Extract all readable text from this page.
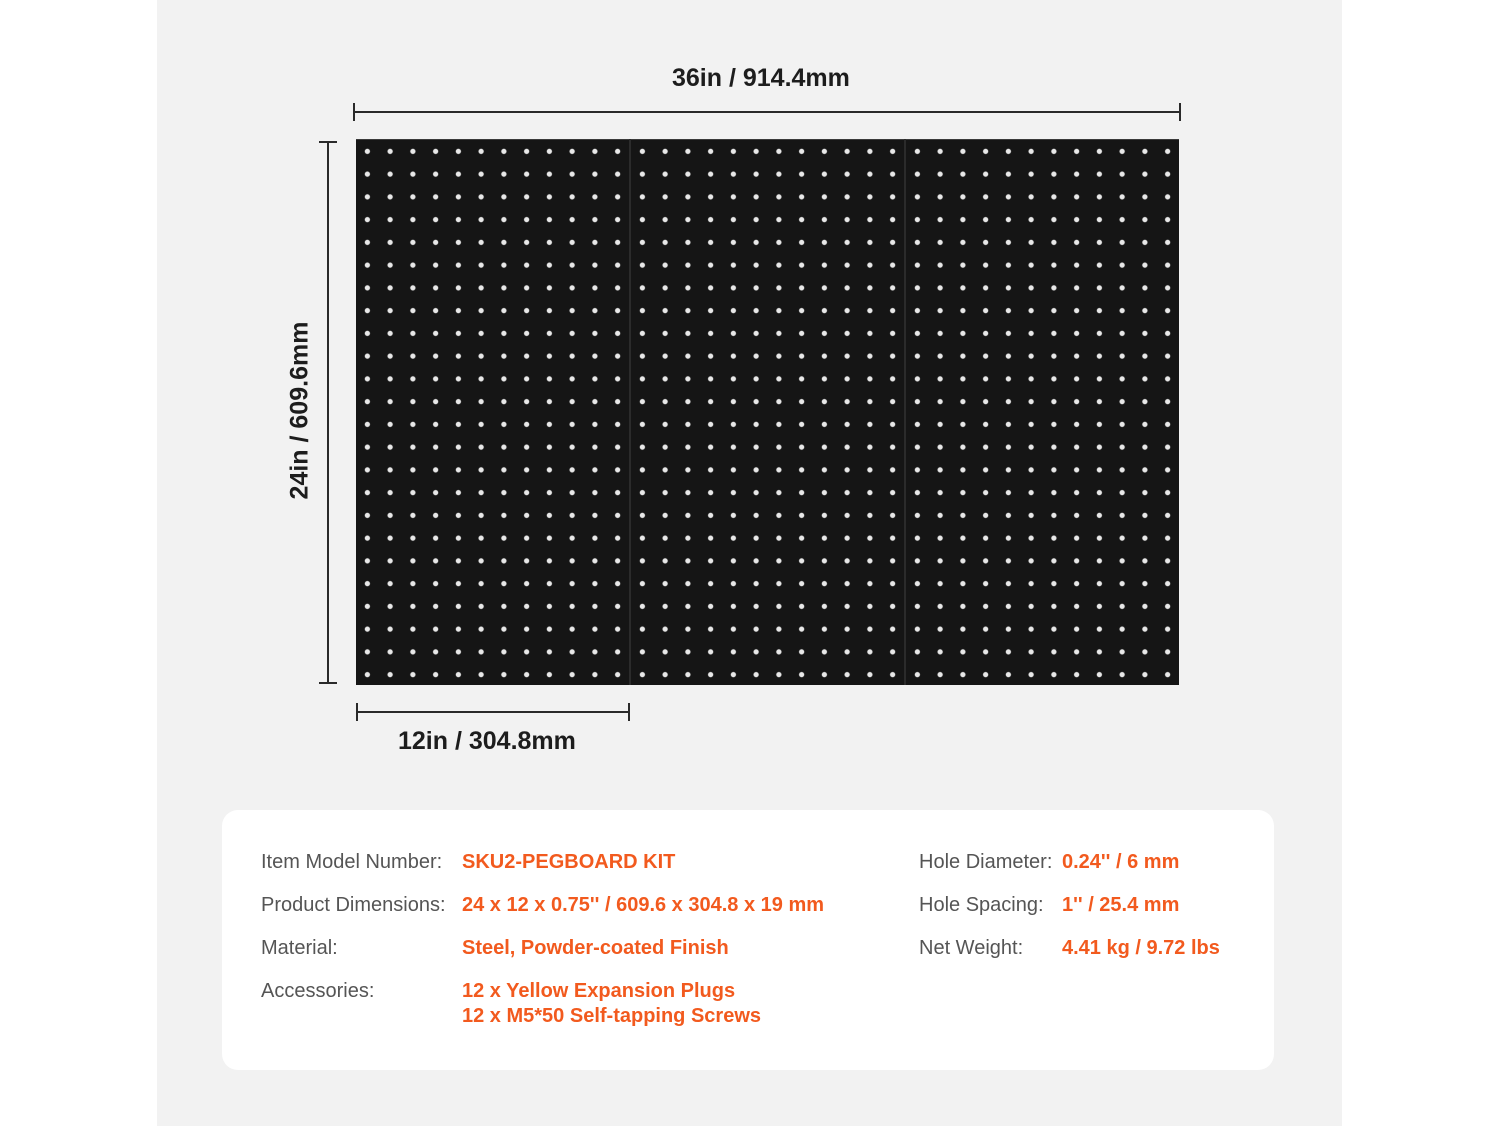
36in / 914.4mm
24in / 609.6mm
12in / 304.8mm
Item Model Number: SKU2-PEGBOARD KIT
Product Dimensions: 24 x 12 x 0.75'' / 609.6 x 304.8 x 19 mm
Material:	Steel, Powder-coated Finish
Accessories:	12 x Yellow Expansion Plugs
12 x M5*50 Self-tapping Screws
Hole Diameter: 0.24'' / 6 mm
Hole Spacing: 1'' / 25.4 mm
Net Weight: 4.41 kg / 9.72 lbs
